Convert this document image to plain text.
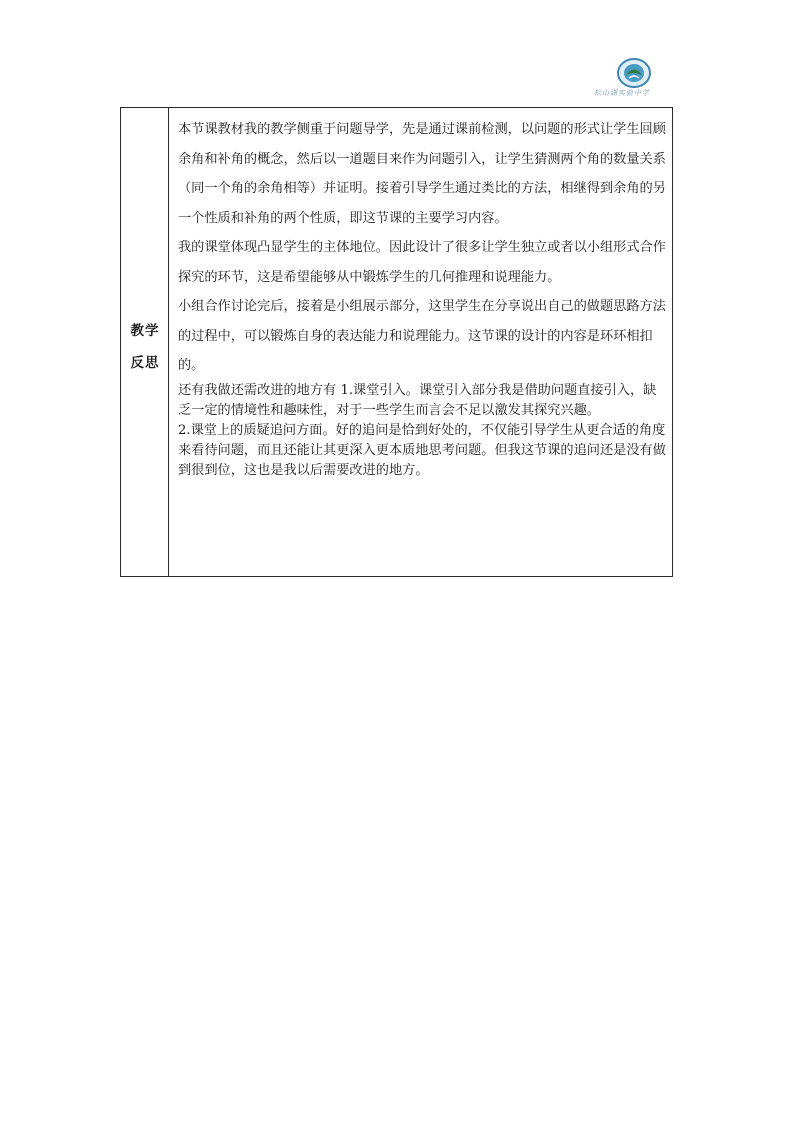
松山湖实验中学
教学
反思

本节课教材我的教学侧重于问题导学，先是通过课前检测，以问题的形式让学生回顾余角和补角的概念，然后以一道题目来作为问题引入，让学生猜测两个角的数量关系（同一个角的余角相等）并证明。接着引导学生通过类比的方法，相继得到余角的另一个性质和补角的两个性质，即这节课的主要学习内容。

我的课堂体现凸显学生的主体地位。因此设计了很多让学生独立或者以小组形式合作探究的环节，这是希望能够从中锻炼学生的几何推理和说理能力。

小组合作讨论完后，接着是小组展示部分，这里学生在分享说出自己的做题思路方法的过程中，可以锻炼自身的表达能力和说理能力。这节课的设计的内容是环环相扣的。

还有我做还需改进的地方有 1.课堂引入。课堂引入部分我是借助问题直接引入，缺乏一定的情境性和趣味性，对于一些学生而言会不足以激发其探究兴趣。

2.课堂上的质疑追问方面。好的追问是恰到好处的，不仅能引导学生从更合适的角度来看待问题，而且还能让其更深入更本质地思考问题。但我这节课的追问还是没有做到很到位，这也是我以后需要改进的地方。
